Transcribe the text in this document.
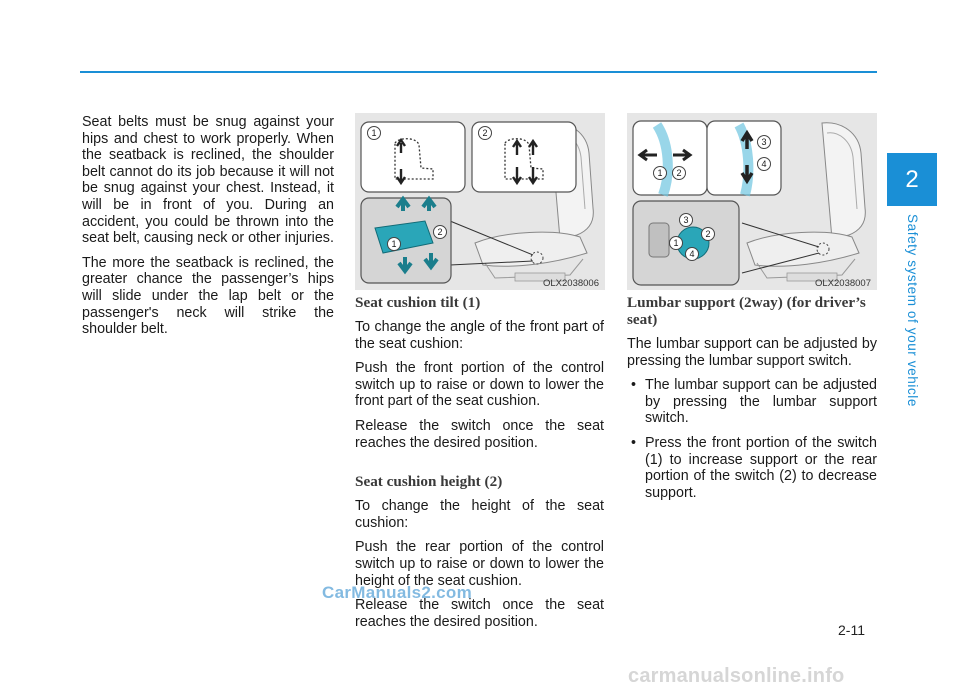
2
Safety system of your vehicle

Seat belts must be snug against your hips and chest to work properly. When the seatback is reclined, the shoulder belt cannot do its job because it will not be snug against your chest. Instead, it will be in front of you. During an accident, you could be thrown into the seat belt, causing neck or other injuries.

The more the seatback is reclined, the greater chance the passenger’s hips will slide under the lap belt or the passenger's neck will strike the shoulder belt.

1	2
1
2
OLX2038006
1	2
3
4
3
2
1
4
OLX2038007
Seat cushion tilt (1)

To change the angle of the front part of the seat cushion:

Push the front portion of the control switch up to raise or down to lower the front part of the seat cushion.

Release the switch once the seat reaches the desired position.

Seat cushion height (2)

To change the height of the seat cushion:

Push the rear portion of the control switch up to raise or down to lower the height of the seat cushion.

Release the switch once the seat reaches the desired position.

Lumbar support (2way) (for driver’s seat)

The lumbar support can be adjusted by pressing the lumbar support switch.

• The lumbar support can be adjusted by pressing the lumbar support switch.
• Press the front portion of the switch (1) to increase support or the rear portion of the switch (2) to decrease support.
CarManuals2.com
2-11
carmanualsonline.info
